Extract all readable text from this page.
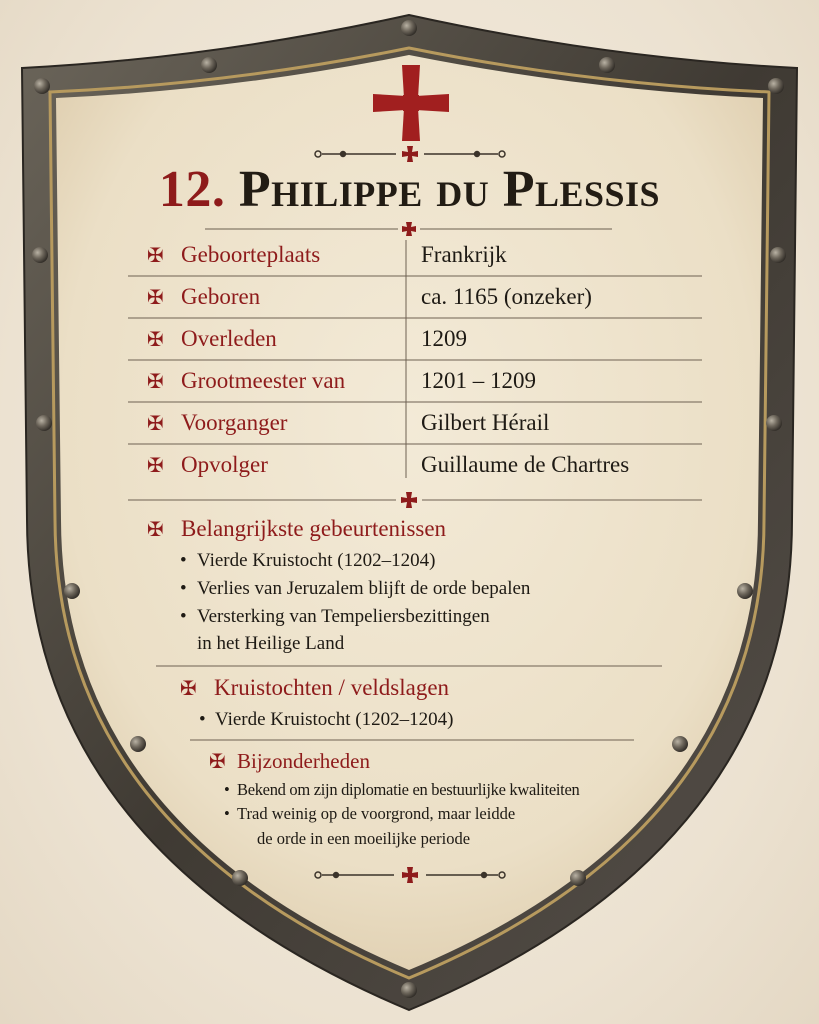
12. Philippe du Plessis
✠ Geboorteplaats	Frankrijk
✠ Geboren	ca. 1165 (onzeker)
✠ Overleden	1209
✠ Grootmeester van	1201 – 1209
✠ Voorganger	Gilbert Hérail
✠ Opvolger	Guillaume de Chartres
✠ Belangrijkste gebeurtenissen
• Vierde Kruistocht (1202–1204)
• Verlies van Jeruzalem blijft de orde bepalen
• Versterking van Tempeliersbezittingen
in het Heilige Land
✠ Kruistochten / veldslagen
• Vierde Kruistocht (1202–1204)
✠ Bijzonderheden
• Bekend om zijn diplomatie en bestuurlijke kwaliteiten
• Trad weinig op de voorgrond, maar leidde
de orde in een moeilijke periode
